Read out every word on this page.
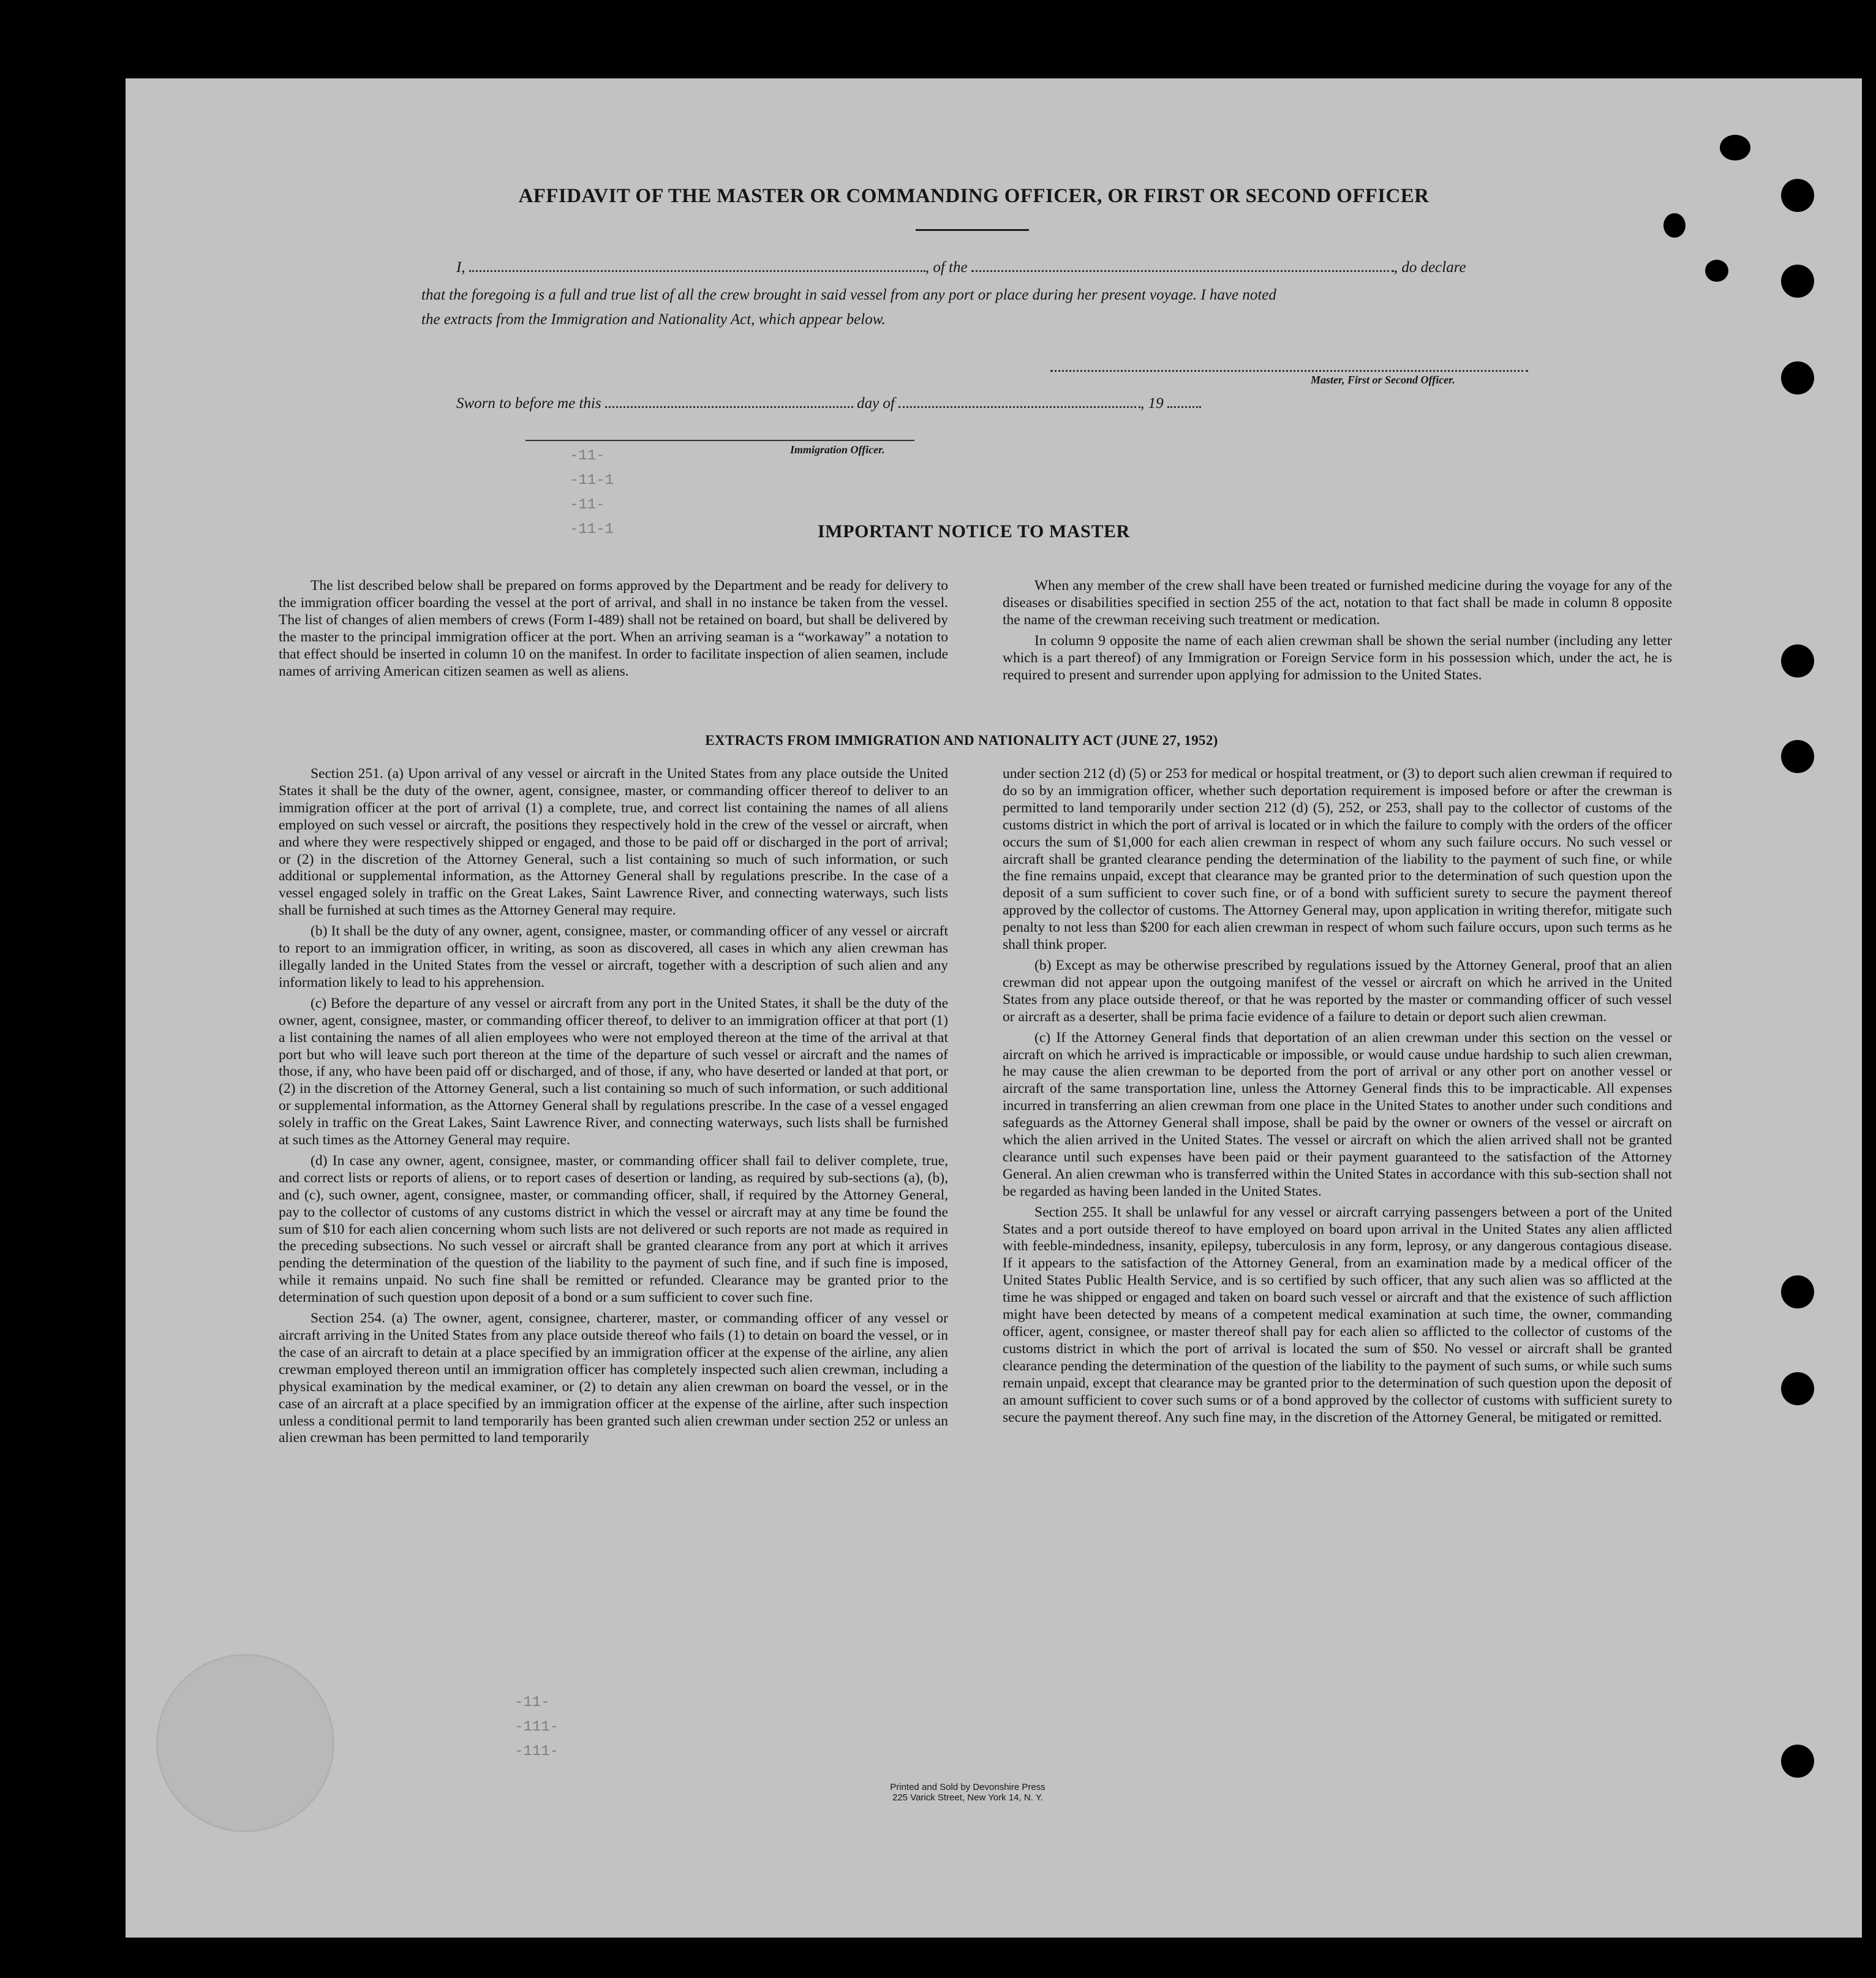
AFFIDAVIT OF THE MASTER OR COMMANDING OFFICER, OR FIRST OR SECOND OFFICER
I,	, of the	, do declare
that the foregoing is a full and true list of all the crew brought in said vessel from any port or place during her present voyage. I have noted
the extracts from the Immigration and Nationality Act, which appear below.
Master, First or Second Officer.
Sworn to before me this	day of	, 19
Immigration Officer.
-11-
-11-1
-11-
-11-1
-11-
-111-
-111-
IMPORTANT NOTICE TO MASTER

The list described below shall be prepared on forms approved by the Department and be ready for delivery to the immigration officer boarding the vessel at the port of arrival, and shall in no instance be taken from the vessel. The list of changes of alien members of crews (Form I-489) shall not be retained on board, but shall be delivered by the master to the principal immigration officer at the port. When an arriving seaman is a “workaway” a notation to that effect should be inserted in column 10 on the manifest. In order to facilitate inspection of alien seamen, include names of arriving American citizen seamen as well as aliens.

When any member of the crew shall have been treated or furnished medicine during the voyage for any of the diseases or disabilities specified in section 255 of the act, notation to that fact shall be made in column 8 opposite the name of the crewman receiving such treatment or medication.

In column 9 opposite the name of each alien crewman shall be shown the serial number (including any letter which is a part thereof) of any Immigration or Foreign Service form in his possession which, under the act, he is required to present and surrender upon applying for admission to the United States.

EXTRACTS FROM IMMIGRATION AND NATIONALITY ACT (JUNE 27, 1952)

Section 251. (a) Upon arrival of any vessel or aircraft in the United States from any place outside the United States it shall be the duty of the owner, agent, consignee, master, or commanding officer thereof to deliver to an immigration officer at the port of arrival (1) a complete, true, and correct list containing the names of all aliens employed on such vessel or aircraft, the positions they respectively hold in the crew of the vessel or aircraft, when and where they were respectively shipped or engaged, and those to be paid off or discharged in the port of arrival; or (2) in the discretion of the Attorney General, such a list containing so much of such information, or such additional or supplemental information, as the Attorney General shall by regulations prescribe. In the case of a vessel engaged solely in traffic on the Great Lakes, Saint Lawrence River, and connecting waterways, such lists shall be furnished at such times as the Attorney General may require.

(b) It shall be the duty of any owner, agent, consignee, master, or commanding officer of any vessel or aircraft to report to an immigration officer, in writing, as soon as discovered, all cases in which any alien crewman has illegally landed in the United States from the vessel or aircraft, together with a description of such alien and any information likely to lead to his apprehension.

(c) Before the departure of any vessel or aircraft from any port in the United States, it shall be the duty of the owner, agent, consignee, master, or commanding officer thereof, to deliver to an immigration officer at that port (1) a list containing the names of all alien employees who were not employed thereon at the time of the arrival at that port but who will leave such port thereon at the time of the departure of such vessel or aircraft and the names of those, if any, who have been paid off or discharged, and of those, if any, who have deserted or landed at that port, or (2) in the discretion of the Attorney General, such a list containing so much of such information, or such additional or supplemental information, as the Attorney General shall by regulations prescribe. In the case of a vessel engaged solely in traffic on the Great Lakes, Saint Lawrence River, and connecting waterways, such lists shall be furnished at such times as the Attorney General may require.

(d) In case any owner, agent, consignee, master, or commanding officer shall fail to deliver complete, true, and correct lists or reports of aliens, or to report cases of desertion or landing, as required by sub-sections (a), (b), and (c), such owner, agent, consignee, master, or commanding officer, shall, if required by the Attorney General, pay to the collector of customs of any customs district in which the vessel or aircraft may at any time be found the sum of $10 for each alien concerning whom such lists are not delivered or such reports are not made as required in the preceding subsections. No such vessel or aircraft shall be granted clearance from any port at which it arrives pending the determination of the question of the liability to the payment of such fine, and if such fine is imposed, while it remains unpaid. No such fine shall be remitted or refunded. Clearance may be granted prior to the determination of such question upon deposit of a bond or a sum sufficient to cover such fine.

Section 254. (a) The owner, agent, consignee, charterer, master, or commanding officer of any vessel or aircraft arriving in the United States from any place outside thereof who fails (1) to detain on board the vessel, or in the case of an aircraft to detain at a place specified by an immigration officer at the expense of the airline, any alien crewman employed thereon until an immigration officer has completely inspected such alien crewman, including a physical examination by the medical examiner, or (2) to detain any alien crewman on board the vessel, or in the case of an aircraft at a place specified by an immigration officer at the expense of the airline, after such inspection unless a conditional permit to land temporarily has been granted such alien crewman under section 252 or unless an alien crewman has been permitted to land temporarily

under section 212 (d) (5) or 253 for medical or hospital treatment, or (3) to deport such alien crewman if required to do so by an immigration officer, whether such deportation requirement is imposed before or after the crewman is permitted to land temporarily under section 212 (d) (5), 252, or 253, shall pay to the collector of customs of the customs district in which the port of arrival is located or in which the failure to comply with the orders of the officer occurs the sum of $1,000 for each alien crewman in respect of whom any such failure occurs. No such vessel or aircraft shall be granted clearance pending the determination of the liability to the payment of such fine, or while the fine remains unpaid, except that clearance may be granted prior to the determination of such question upon the deposit of a sum sufficient to cover such fine, or of a bond with sufficient surety to secure the payment thereof approved by the collector of customs. The Attorney General may, upon application in writing therefor, mitigate such penalty to not less than $200 for each alien crewman in respect of whom such failure occurs, upon such terms as he shall think proper.

(b) Except as may be otherwise prescribed by regulations issued by the Attorney General, proof that an alien crewman did not appear upon the outgoing manifest of the vessel or aircraft on which he arrived in the United States from any place outside thereof, or that he was reported by the master or commanding officer of such vessel or aircraft as a deserter, shall be prima facie evidence of a failure to detain or deport such alien crewman.

(c) If the Attorney General finds that deportation of an alien crewman under this section on the vessel or aircraft on which he arrived is impracticable or impossible, or would cause undue hardship to such alien crewman, he may cause the alien crewman to be deported from the port of arrival or any other port on another vessel or aircraft of the same transportation line, unless the Attorney General finds this to be impracticable. All expenses incurred in transferring an alien crewman from one place in the United States to another under such conditions and safeguards as the Attorney General shall impose, shall be paid by the owner or owners of the vessel or aircraft on which the alien arrived in the United States. The vessel or aircraft on which the alien arrived shall not be granted clearance until such expenses have been paid or their payment guaranteed to the satisfaction of the Attorney General. An alien crewman who is transferred within the United States in accordance with this sub-section shall not be regarded as having been landed in the United States.

Section 255. It shall be unlawful for any vessel or aircraft carrying passengers between a port of the United States and a port outside thereof to have employed on board upon arrival in the United States any alien afflicted with feeble-mindedness, insanity, epilepsy, tuberculosis in any form, leprosy, or any dangerous contagious disease. If it appears to the satisfaction of the Attorney General, from an examination made by a medical officer of the United States Public Health Service, and is so certified by such officer, that any such alien was so afflicted at the time he was shipped or engaged and taken on board such vessel or aircraft and that the existence of such affliction might have been detected by means of a competent medical examination at such time, the owner, commanding officer, agent, consignee, or master thereof shall pay for each alien so afflicted to the collector of customs of the customs district in which the port of arrival is located the sum of $50. No vessel or aircraft shall be granted clearance pending the determination of the question of the liability to the payment of such sums, or while such sums remain unpaid, except that clearance may be granted prior to the determination of such question upon the deposit of an amount sufficient to cover such sums or of a bond approved by the collector of customs with sufficient surety to secure the payment thereof. Any such fine may, in the discretion of the Attorney General, be mitigated or remitted.

Printed and Sold by Devonshire Press
225 Varick Street, New York 14, N. Y.
